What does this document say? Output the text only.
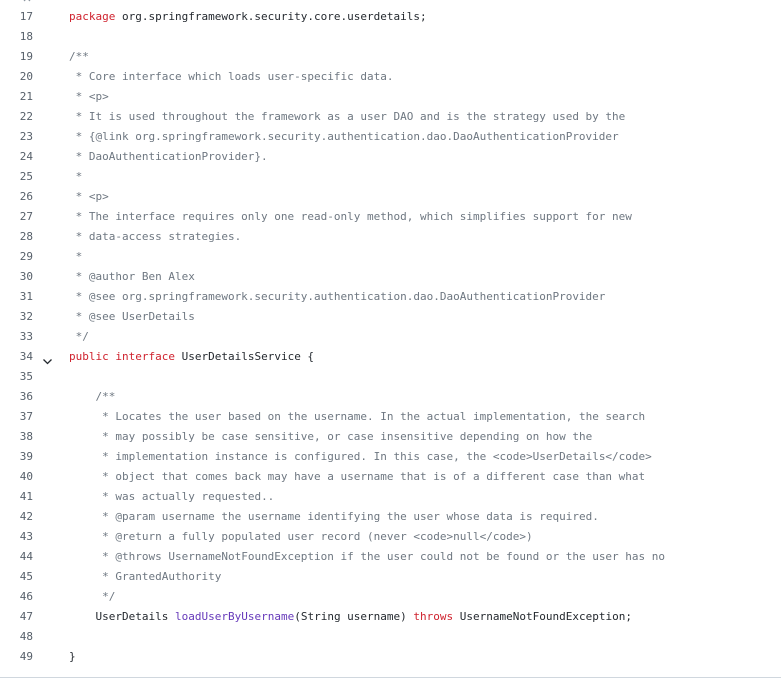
17	package org.springframework.security.core.userdetails;
18
19	/**
20	* Core interface which loads user-specific data.
21	* <p>
22	* It is used throughout the framework as a user DAO and is the strategy used by the
23	* {@link org.springframework.security.authentication.dao.DaoAuthenticationProvider
24	* DaoAuthenticationProvider}.
25	*
26	* <p>
27	* The interface requires only one read-only method, which simplifies support for new
28	* data-access strategies.
29	*
30	* @author Ben Alex
31	* @see org.springframework.security.authentication.dao.DaoAuthenticationProvider
32	* @see UserDetails
33	*/
34	public interface UserDetailsService {
35
36	/**
37	* Locates the user based on the username. In the actual implementation, the search
38	* may possibly be case sensitive, or case insensitive depending on how the
39	* implementation instance is configured. In this case, the <code>UserDetails</code>
40	* object that comes back may have a username that is of a different case than what
41	* was actually requested..
42	* @param username the username identifying the user whose data is required.
43	* @return a fully populated user record (never <code>null</code>)
44	* @throws UsernameNotFoundException if the user could not be found or the user has no
45	* GrantedAuthority
46	*/
47	UserDetails loadUserByUsername(String username) throws UsernameNotFoundException;
48
49	}
